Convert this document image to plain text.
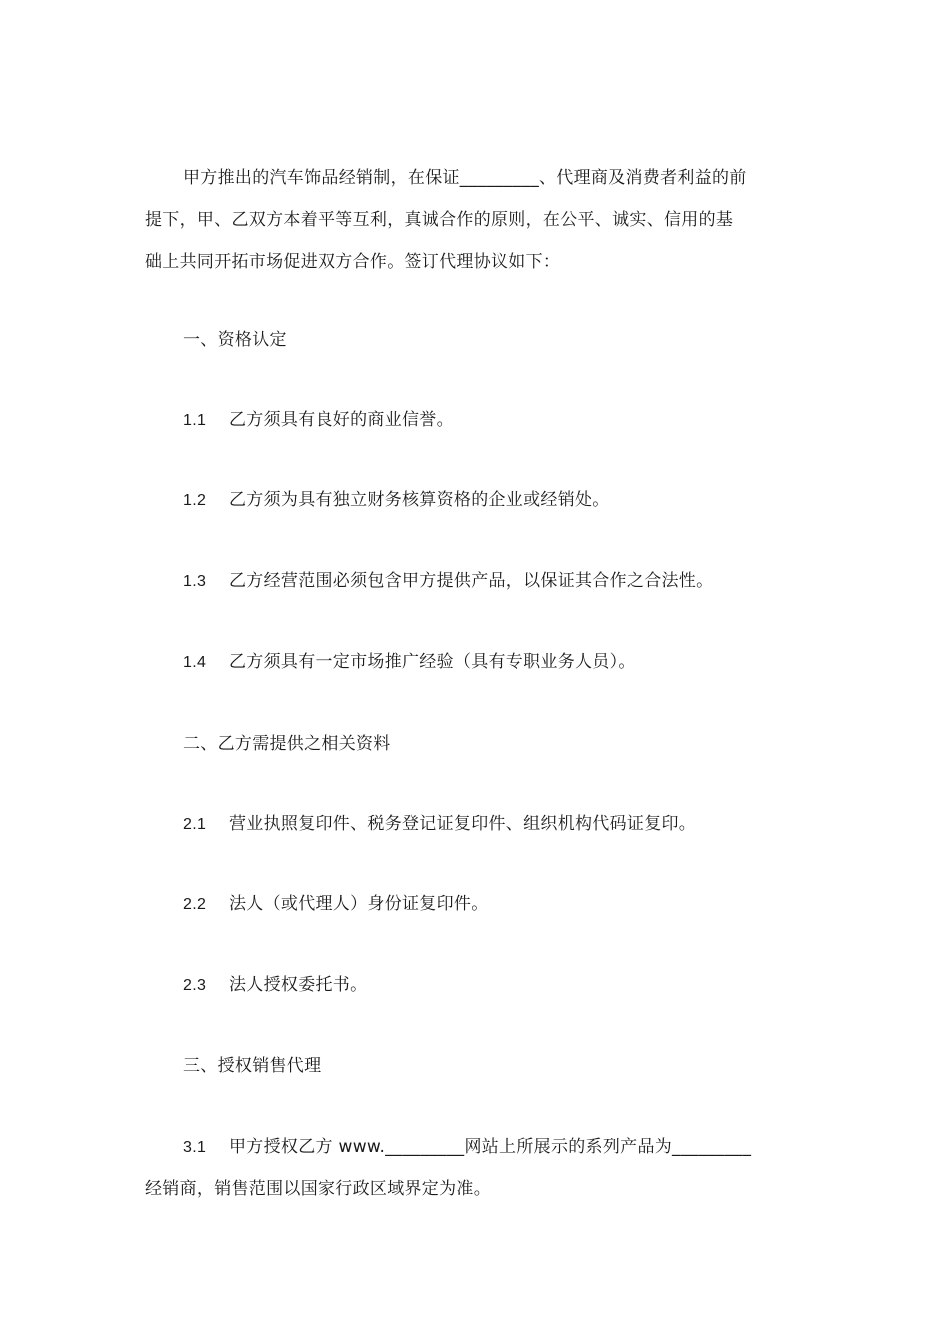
甲方推出的汽车饰品经销制，在保证_________、代理商及消费者利益的前
提下，甲、乙双方本着平等互利，真诚合作的原则，在公平、诚实、信用的基
础上共同开拓市场促进双方合作。签订代理协议如下：
一、资格认定
1.1 乙方须具有良好的商业信誉。
1.2 乙方须为具有独立财务核算资格的企业或经销处。
1.3 乙方经营范围必须包含甲方提供产品，以保证其合作之合法性。
1.4 乙方须具有一定市场推广经验（具有专职业务人员）。
二、乙方需提供之相关资料
2.1 营业执照复印件、税务登记证复印件、组织机构代码证复印。
2.2 法人（或代理人）身份证复印件。
2.3 法人授权委托书。
三、授权销售代理
3.1 甲方授权乙方 www._________网站上所展示的系列产品为_________
经销商，销售范围以国家行政区域界定为准。
